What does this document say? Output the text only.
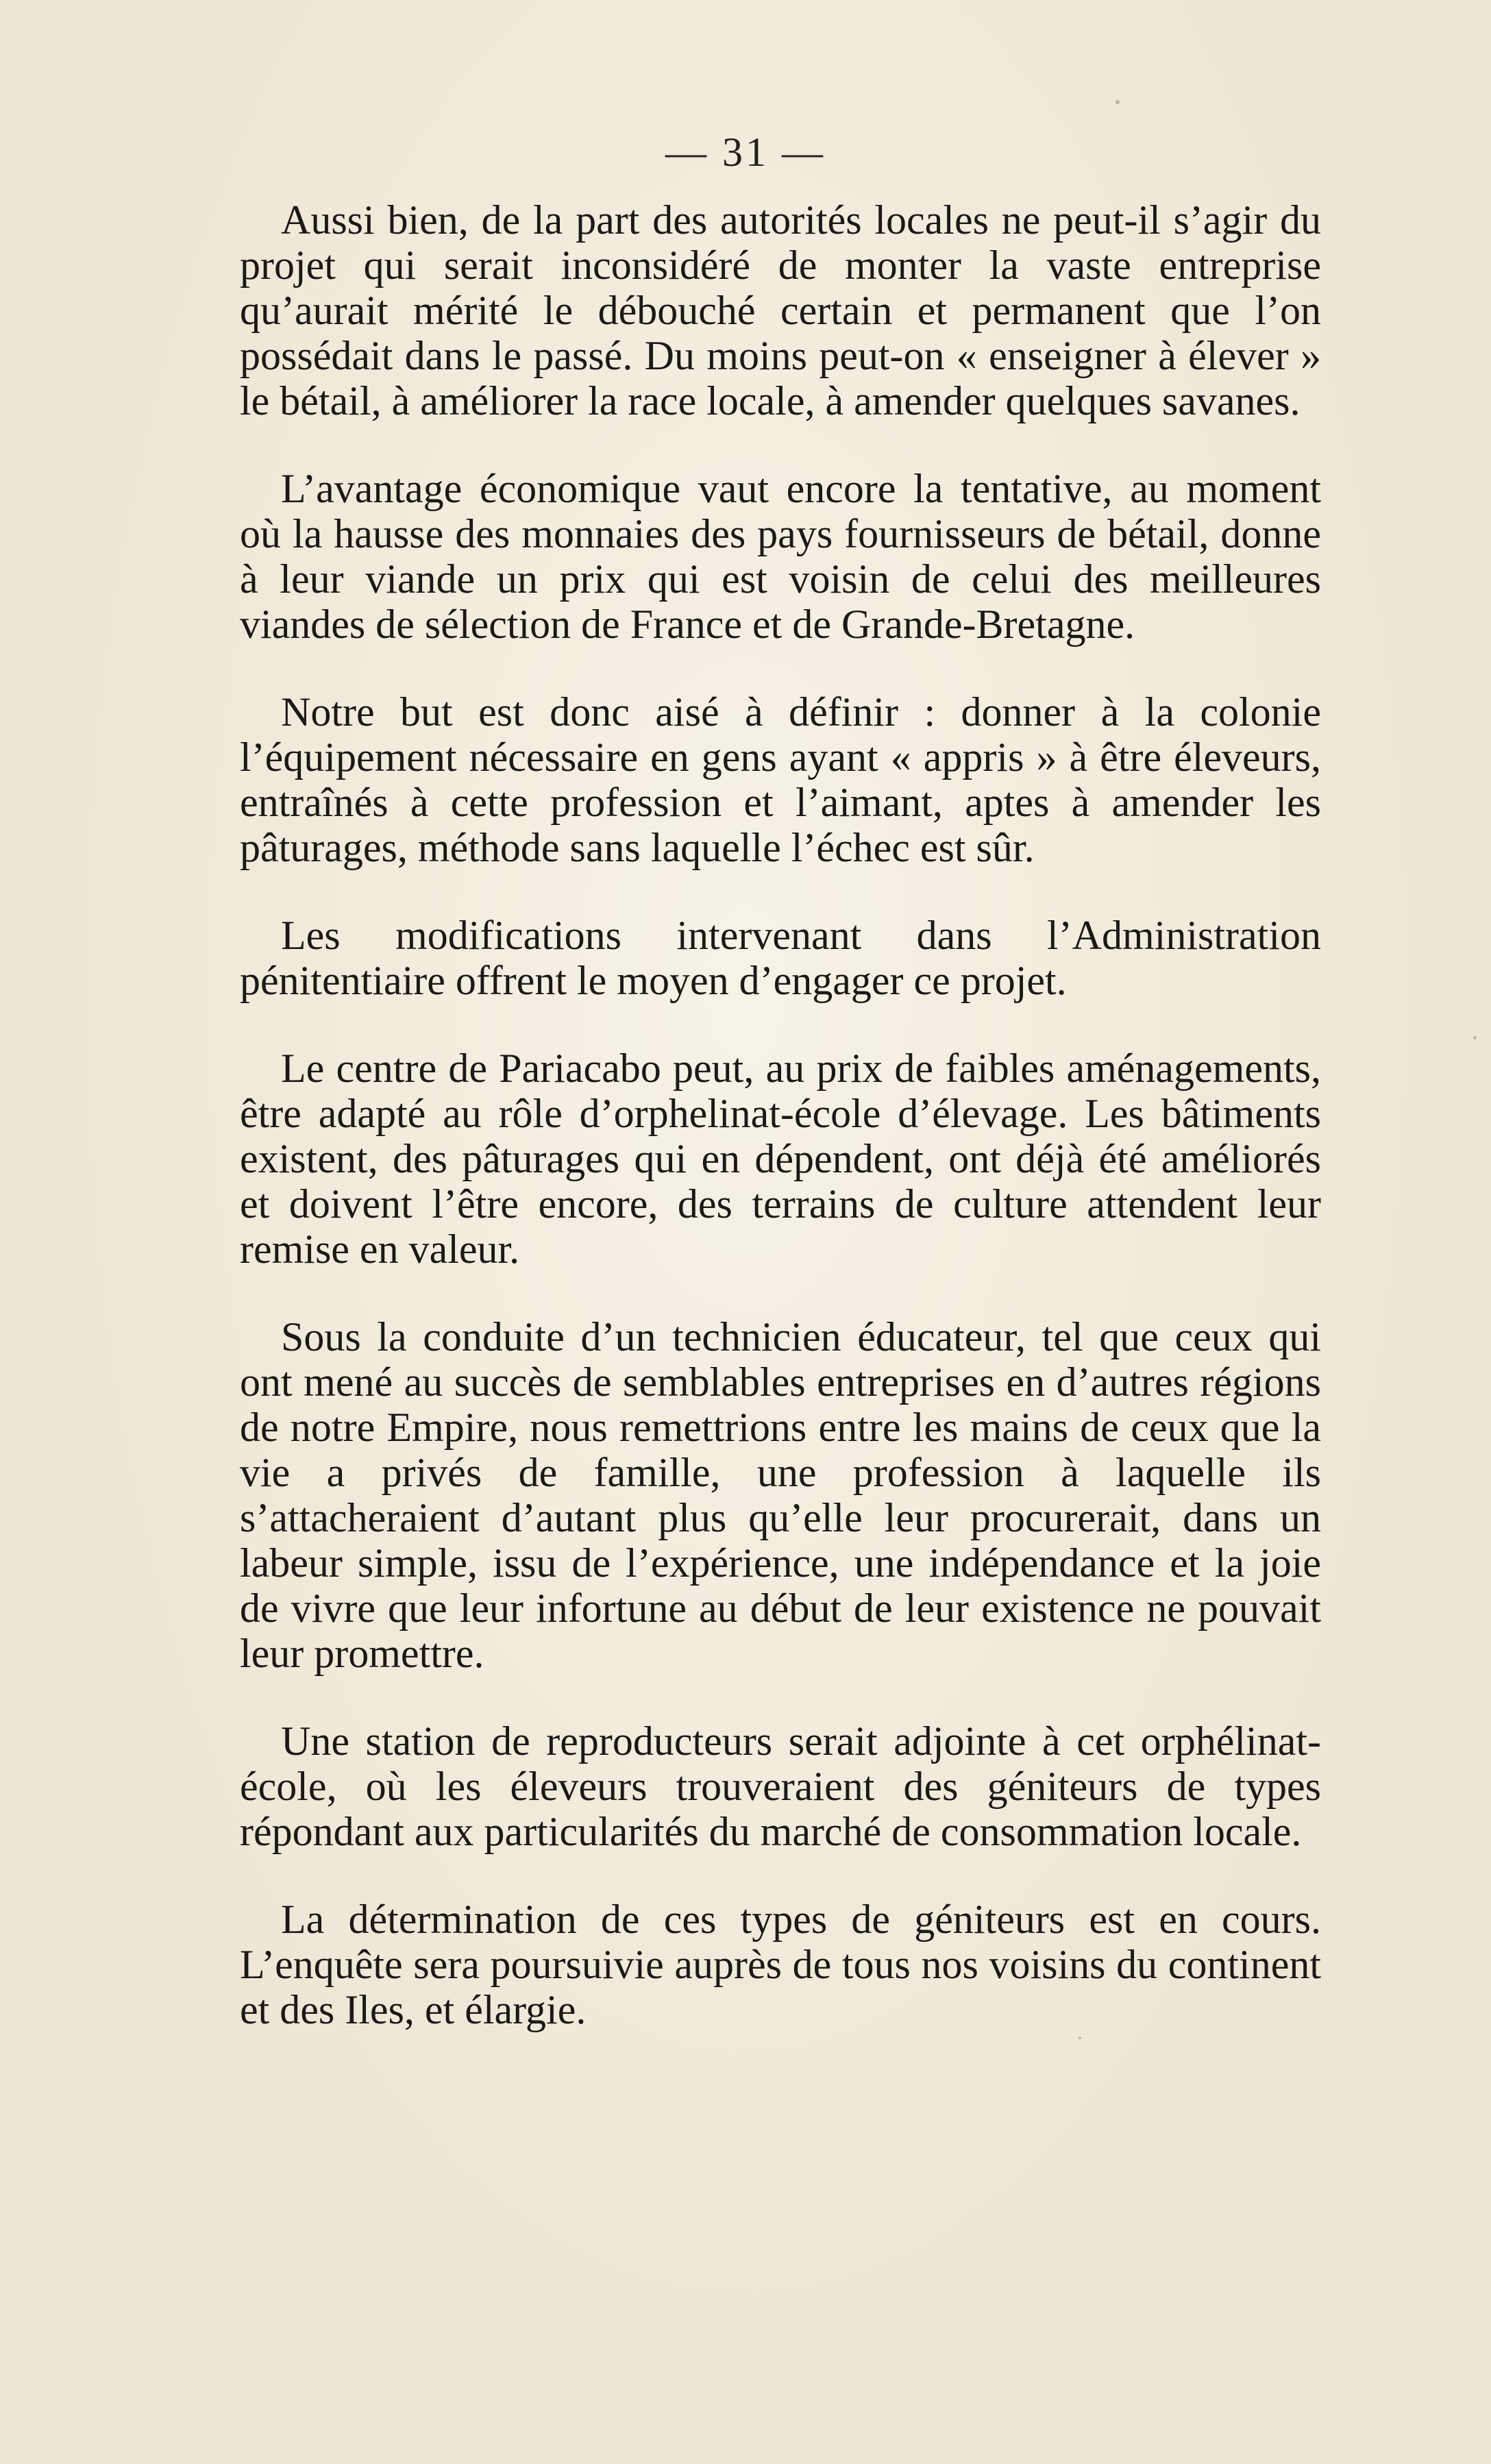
— 31 —

Aussi bien, de la part des autorités locales ne peut-il s’agir du projet qui serait inconsidéré de monter la vaste entreprise qu’aurait mérité le débouché certain et permanent que l’on possédait dans le passé. Du moins peut-on « enseigner à élever » le bétail, à améliorer la race locale, à amender quelques savanes.

L’avantage économique vaut encore la tentative, au moment où la hausse des monnaies des pays fournisseurs de bétail, donne à leur viande un prix qui est voisin de celui des meilleures viandes de sélection de France et de Grande-Bretagne.

Notre but est donc aisé à définir : donner à la colonie l’équipement nécessaire en gens ayant « appris » à être éleveurs, entraînés à cette profession et l’aimant, aptes à amender les pâturages, méthode sans laquelle l’échec est sûr.

Les modifications intervenant dans l’Administration pénitentiaire offrent le moyen d’engager ce projet.

Le centre de Pariacabo peut, au prix de faibles aménagements, être adapté au rôle d’orphelinat-école d’élevage. Les bâtiments existent, des pâturages qui en dépendent, ont déjà été améliorés et doivent l’être encore, des terrains de culture attendent leur remise en valeur.

Sous la conduite d’un technicien éducateur, tel que ceux qui ont mené au succès de semblables entreprises en d’autres régions de notre Empire, nous remettrions entre les mains de ceux que la vie a privés de famille, une profession à laquelle ils s’attacheraient d’autant plus qu’elle leur procurerait, dans un labeur simple, issu de l’expérience, une indépendance et la joie de vivre que leur infortune au début de leur existence ne pouvait leur promettre.

Une station de reproducteurs serait adjointe à cet orphélinat-école, où les éleveurs trouveraient des géniteurs de types répondant aux particularités du marché de consommation locale.

La détermination de ces types de géniteurs est en cours. L’enquête sera poursuivie auprès de tous nos voisins du continent et des Iles, et élargie.
